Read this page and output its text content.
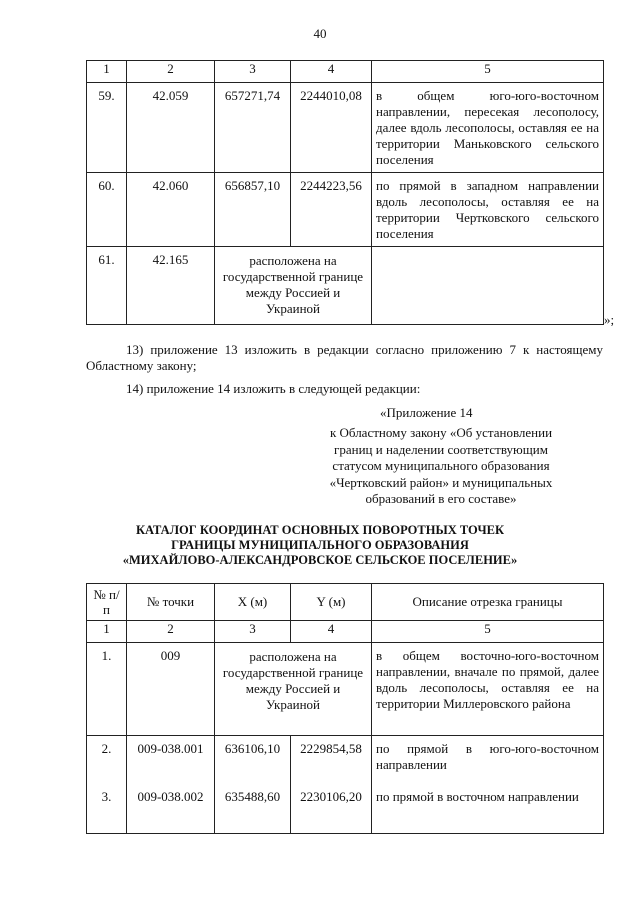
40
1	2	3	4	5

59.	42.059	657271,74	2244010,08	в общем юго-юго-восточном направлении, пересекая лесополосу, далее вдоль лесополосы, оставляя ее на территории Маньковского сельского поселения

60.	42.060	656857,10	2244223,56	по прямой в западном направлении вдоль лесополосы, оставляя ее на территории Чертковского сельского поселения

61.	42.165	расположена на государственной границе между Россией и Украиной		

»;

13) приложение 13 изложить в редакции согласно приложению 7 к настоящему Областному закону;

14) приложение 14 изложить в следующей редакции:

«Приложение 14
к Областному закону «Об установлении
границ и наделении соответствующим
статусом муниципального образования
«Чертковский район» и муниципальных
образований в его составе»
КАТАЛОГ КООРДИНАТ ОСНОВНЫХ ПОВОРОТНЫХ ТОЧЕК
ГРАНИЦЫ МУНИЦИПАЛЬНОГО ОБРАЗОВАНИЯ
«МИХАЙЛОВО-АЛЕКСАНДРОВСКОЕ СЕЛЬСКОЕ ПОСЕЛЕНИЕ»
№ п/п	№ точки	X (м)	Y (м)	Описание отрезка границы

1	2	3	4	5

1.	009	расположена на государственной границе между Россией и Украиной		в общем восточно-юго-восточном направлении, вначале по прямой, далее вдоль лесополосы, оставляя ее на территории Миллеровского района

2.	009-038.001	636106,10	2229854,58	по прямой в юго-юго-восточном направлении

3.	009-038.002	635488,60	2230106,20	по прямой в восточном направлении
